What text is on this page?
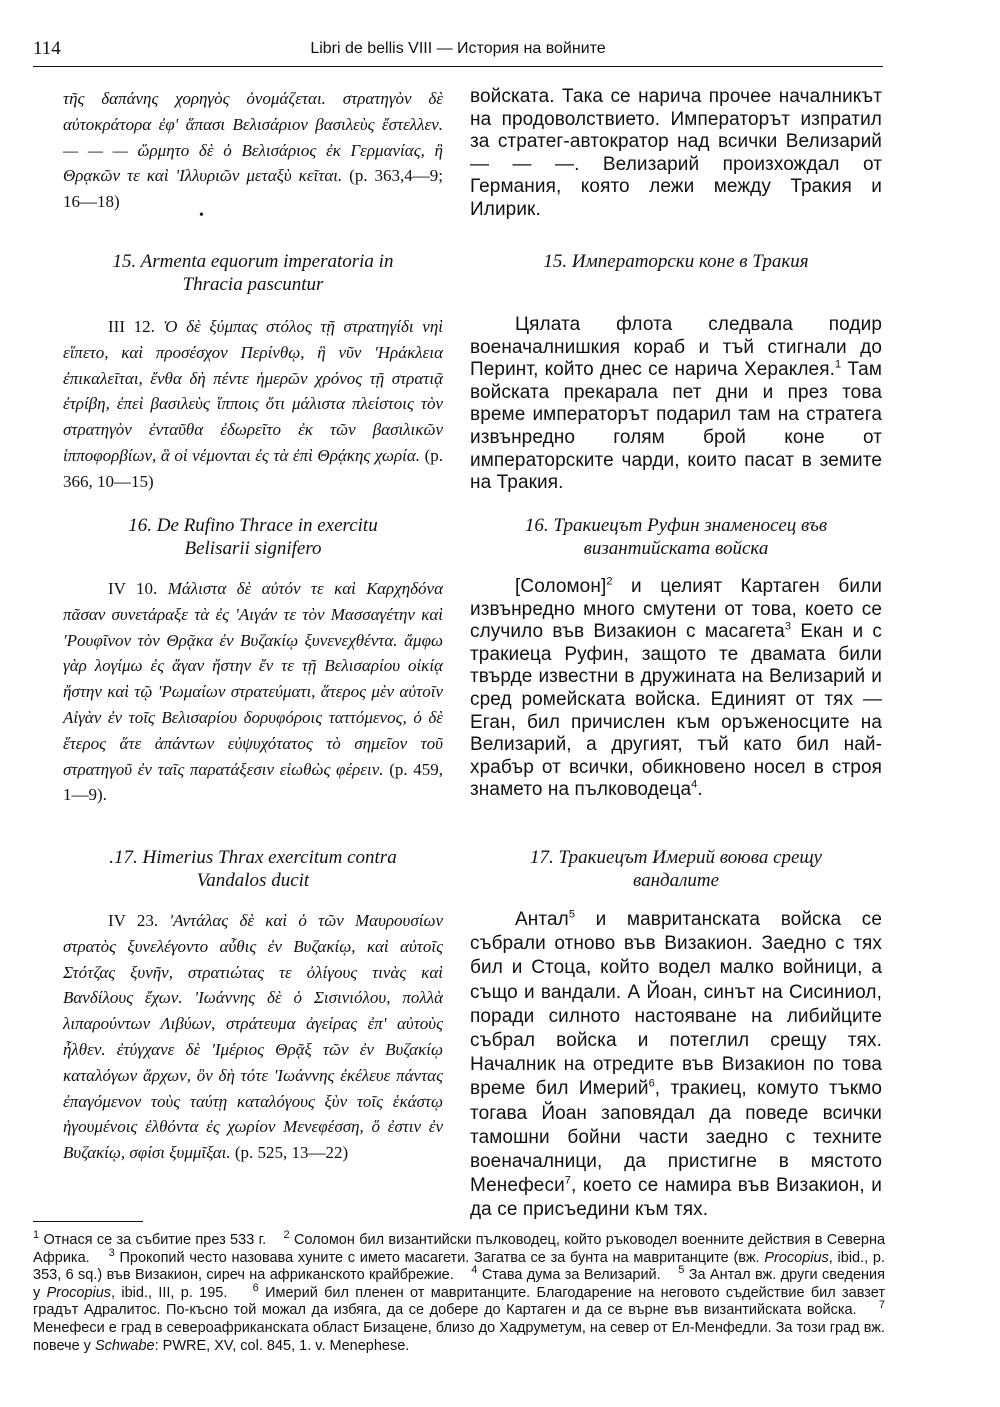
114	Libri de bellis VIII — История на войните

τῆς δαπάνης χορηγὸς ὀνομάζεται. στρατηγὸν δὲ αὐτοκράτορα ἐφ' ἅπασι Βελισάριον βασιλεὺς ἔστελλεν. — — — ὥρμητο δὲ ὁ Βελισάριος ἐκ Γερμανίας, ἣ Θρᾳκῶν τε καὶ 'Ιλλυριῶν μεταξὺ κεῖται. (p. 363,4—9; 16—18)

•

15. Armenta equorum imperatoria in

Thracia pascuntur

III 12. Ὁ δὲ ξύμπας στόλος τῇ στρατηγίδι νηὶ εἵπετο, καὶ προσέσχον Περίνθῳ, ἣ νῦν 'Ηράκλεια ἐπικαλεῖται, ἔνθα δὴ πέντε ἡμερῶν χρόνος τῇ στρατιᾷ ἐτρίβη, ἐπεὶ βασιλεὺς ἵπποις ὅτι μάλιστα πλείστοις τὸν στρατηγὸν ἐνταῦθα ἐδωρεῖτο ἐκ τῶν βασιλικῶν ἱπποφορβίων, ἃ οἱ νέμονται ἐς τὰ ἐπὶ Θρᾴκης χωρία. (p. 366, 10—15)

16. De Rufino Thrace in exercitu

Belisarii signifero

IV 10. Μάλιστα δὲ αὐτόν τε καὶ Καρχηδόνα πᾶσαν συνετάραξε τὰ ἐς 'Αιγάν τε τὸν Μασσαγέτην καὶ 'Ρουφῖνον τὸν Θρᾷκα ἐν Βυζακίῳ ξυνενεχθέντα. ἄμφω γὰρ λογίμω ἐς ἄγαν ἤστην ἔν τε τῇ Βελισαρίου οἰκίᾳ ἤστην καὶ τῷ 'Ρωμαίων στρατεύματι, ἅτερος μὲν αὐτοῖν Αἰγὰν ἐν τοῖς Βελισαρίου δορυφόροις ταττόμενος, ὁ δὲ ἕτερος ἅτε ἀπάντων εὐψυχότατος τὸ σημεῖον τοῦ στρατηγοῦ ἐν ταῖς παρατάξεσιν εἰωθὼς φέρειν. (p. 459, 1—9).

.17. Himerius Thrax exercitum contra

Vandalos ducit

IV 23. 'Αντάλας δὲ καὶ ὁ τῶν Μαυρουσίων στρατὸς ξυνελέγοντο αὖθις ἐν Βυζακίῳ, καὶ αὐτοῖς Στότζας ξυνῆν, στρατιώτας τε ὀλίγους τινὰς καὶ Βανδίλους ἔχων. 'Ιωάννης δὲ ὁ Σισινιόλου, πολλὰ λιπαρούντων Λιβύων, στράτευμα ἀγείρας ἐπ' αὐτοὺς ἦλθεν. ἐτύγχανε δὲ 'Ιμέριος Θρᾷξ τῶν ἐν Βυζακίῳ καταλόγων ἄρχων, ὃν δὴ τότε 'Ιωάννης ἐκέλευε πάντας ἐπαγόμενον τοὺς ταύτῃ καταλόγους ξὺν τοῖς ἑκάστῳ ἡγουμένοις ἐλθόντα ἐς χωρίον Μενεφέσση, ὅ ἐστιν ἐν Βυζακίῳ, σφίσι ξυμμῖξαι. (p. 525, 13—22)

войската. Така се нарича прочее началникът на продоволствието. Императорът изпратил за стратег-автократор над всички Велизарий — — —. Велизарий произхождал от Германия, която лежи между Тракия и Илирик.

15. Императорски коне в Тракия

Цялата флота следвала подир военачалнишкия кораб и тъй стигнали до Перинт, който днес се нарича Хераклея.$^1$ Там войската прекарала пет дни и през това време императорът подарил там на стратега извънредно голям брой коне от императорските чарди, които пасат в земите на Тракия.

16. Тракиецът Руфин знаменосец във

византийската войска

[Соломон]$^2$ и целият Картаген били извънредно много смутени от това, което се случило във Визакион с масагета$^3$ Екан и с тракиеца Руфин, защото те двамата били твърде известни в дружината на Велизарий и сред ромейската войска. Единият от тях — Еган, бил причислен към оръженосците на Велизарий, а другият, тъй като бил най-храбър от всички, обикновено носел в строя знамето на пълководеца$^4$.

17. Тракиецът Имерий воюва срещу

вандалите

Антал$^5$ и мавританската войска се събрали отново във Визакион. Заедно с тях бил и Стоца, който водел малко войници, а също и вандали. А Йоан, синът на Сисиниол, поради силното настояване на либийците събрал войска и потеглил срещу тях. Началник на отредите във Визакион по това време бил Имерий$^6$, тракиец, комуто тъкмо тогава Йоан заповядал да поведе всички тамошни бойни части заедно с техните военачалници, да пристигне в мястото Менефеси$^7$, което се намира във Визакион, и да се присъедини към тях.

$^1$ Отнася се за събитие през 533 г. $^2$ Соломон бил византийски пълководец, който ръководел военните действия в Северна Африка. $^3$ Прокопий често назовава хуните с името масагети. Загатва се за бунта на мавританците (вж. Procopius, ibid., p. 353, 6 sq.) във Визакион, сиреч на африканското крайбрежие. $^4$ Става дума за Велизарий. $^5$ За Антал вж. други сведения у Procopius, ibid., III, p. 195. $^6$ Имерий бил пленен от мавританците. Благодарение на неговото съдействие бил завзет градът Адралитос. По-късно той можал да избяга, да се добере до Картаген и да се върне във византийската войска. $^7$ Менефеси е град в североафриканската област Бизацене, близо до Хадруметум, на север от Ел-Менфедли. За този град вж. повече у Schwabe: PWRE, XV, col. 845, 1. v. Menephese.
